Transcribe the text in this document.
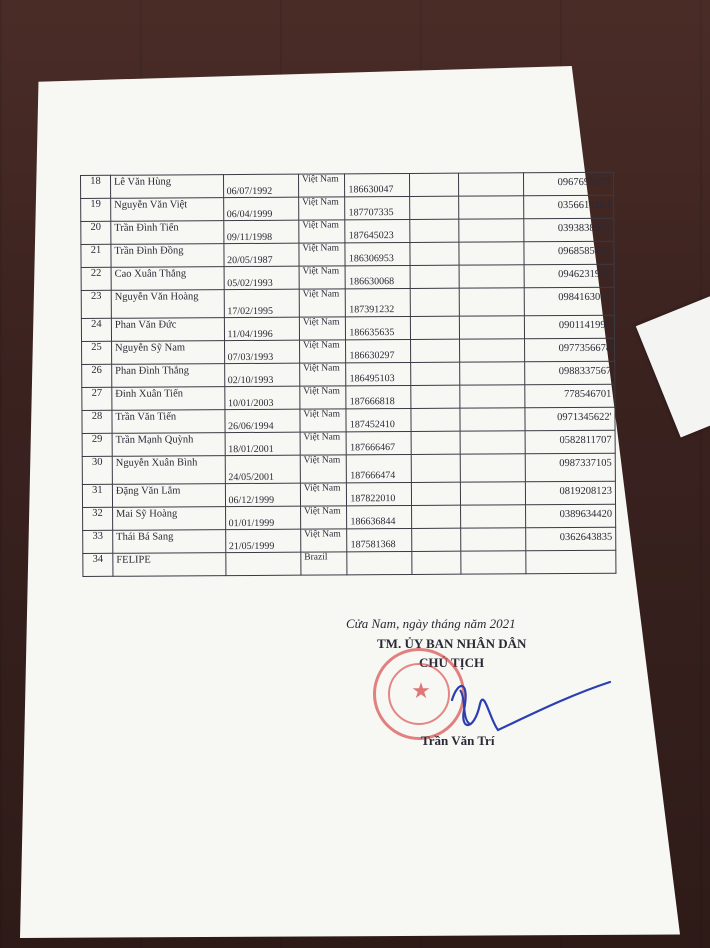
18	Lê Văn Hùng	06/07/1992	Việt Nam	186630047			0967695678

19	Nguyễn Văn Việt	06/04/1999	Việt Nam	187707335			0356612304

20	Trần Đình Tiến	09/11/1998	Việt Nam	187645023			0393838661

21	Trần Đình Đồng	20/05/1987	Việt Nam	186306953			0968585969

22	Cao Xuân Thắng	05/02/1993	Việt Nam	186630068			0946231993

23	Nguyễn Văn Hoàng	17/02/1995	Việt Nam	187391232			0984163064

24	Phan Văn Đức	11/04/1996	Việt Nam	186635635			0901141996

25	Nguyễn Sỹ Nam	07/03/1993	Việt Nam	186630297			0977356678

26	Phan Đình Thắng	02/10/1993	Việt Nam	186495103			0988337567

27	Đinh Xuân Tiến	10/01/2003	Việt Nam	187666818			778546701

28	Trần Văn Tiến	26/06/1994	Việt Nam	187452410			0971345622'

29	Trần Mạnh Quỳnh	18/01/2001	Việt Nam	187666467			0582811707

30	Nguyễn Xuân Bình	24/05/2001	Việt Nam	187666474			0987337105

31	Đặng Văn Lắm	06/12/1999	Việt Nam	187822010			0819208123

32	Mai Sỹ Hoàng	01/01/1999	Việt Nam	186636844			0389634420

33	Thái Bá Sang	21/05/1999	Việt Nam	187581368			0362643835

34	FELIPE		Brazil	

Cửa Nam, ngày tháng năm 2021
TM. ỦY BAN NHÂN DÂN
CHỦ TỊCH
★
Trần Văn Trí
